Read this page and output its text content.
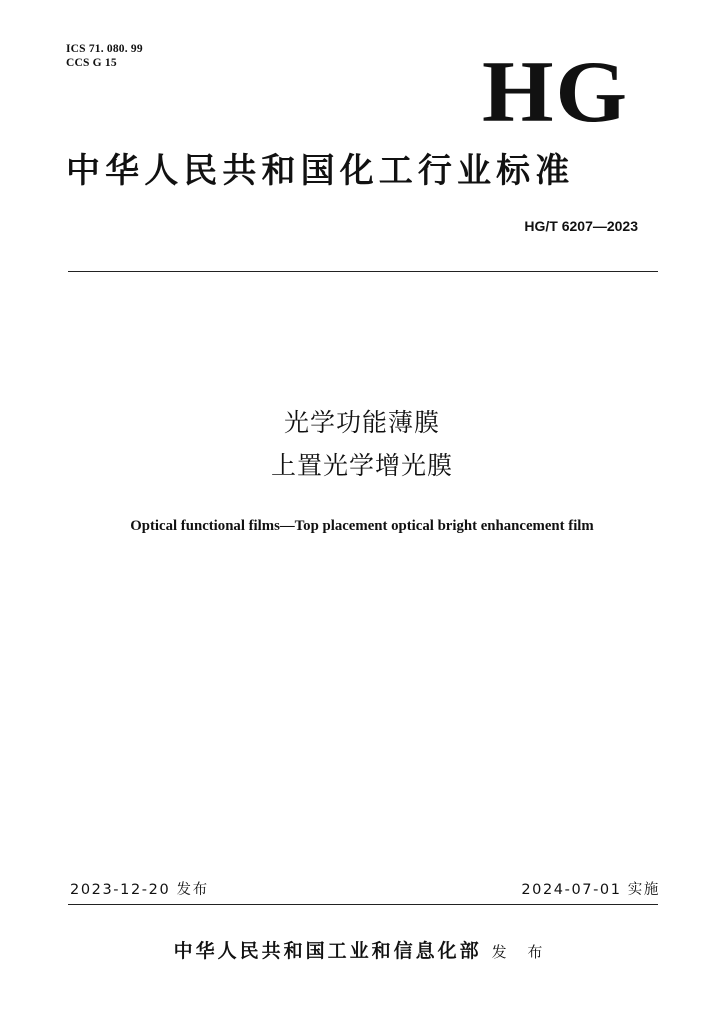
ICS 71. 080. 99
CCS G 15	HG
中华人民共和国化工行业标准
HG/T 6207—2023
光学功能薄膜
上置光学增光膜
Optical functional films—Top placement optical bright enhancement film
2023-12-20 发布	2024-07-01 实施
中华人民共和国工业和信息化部 发 布
